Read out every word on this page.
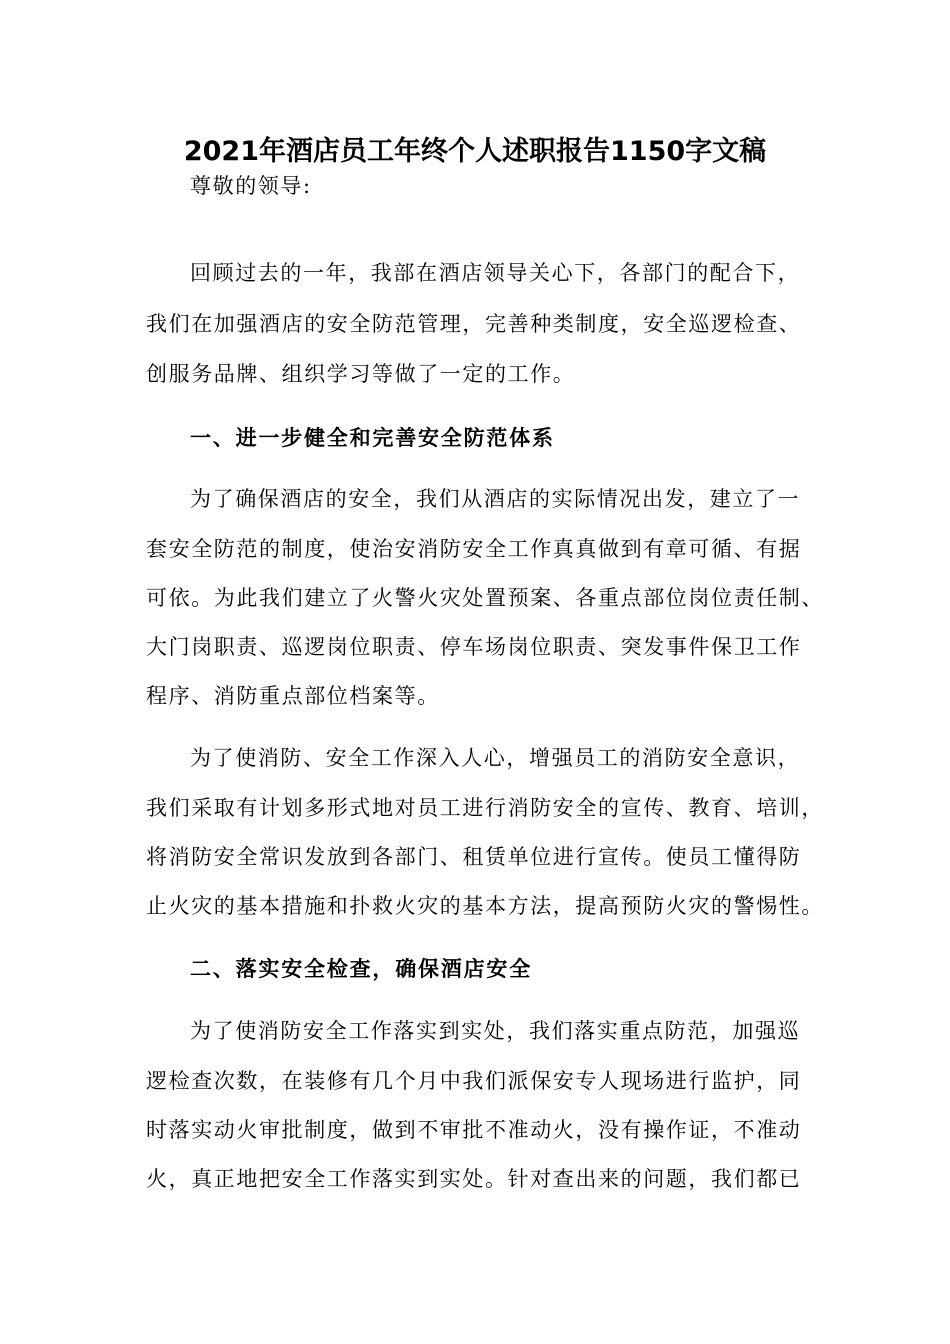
2021年酒店员工年终个人述职报告1150字文稿
尊敬的领导:
回顾过去的一年，我部在酒店领导关心下，各部门的配合下，
我们在加强酒店的安全防范管理，完善种类制度，安全巡逻检查、
创服务品牌、组织学习等做了一定的工作。
一、进一步健全和完善安全防范体系
为了确保酒店的安全，我们从酒店的实际情况出发，建立了一
套安全防范的制度，使治安消防安全工作真真做到有章可循、有据
可依。为此我们建立了火警火灾处置预案、各重点部位岗位责任制、
大门岗职责、巡逻岗位职责、停车场岗位职责、突发事件保卫工作
程序、消防重点部位档案等。
为了使消防、安全工作深入人心，增强员工的消防安全意识，
我们采取有计划多形式地对员工进行消防安全的宣传、教育、培训，
将消防安全常识发放到各部门、租赁单位进行宣传。使员工懂得防
止火灾的基本措施和扑救火灾的基本方法，提高预防火灾的警惕性。
二、落实安全检查，确保酒店安全
为了使消防安全工作落实到实处，我们落实重点防范，加强巡
逻检查次数，在装修有几个月中我们派保安专人现场进行监护，同
时落实动火审批制度，做到不审批不准动火，没有操作证，不准动
火，真正地把安全工作落实到实处。针对查出来的问题，我们都已
